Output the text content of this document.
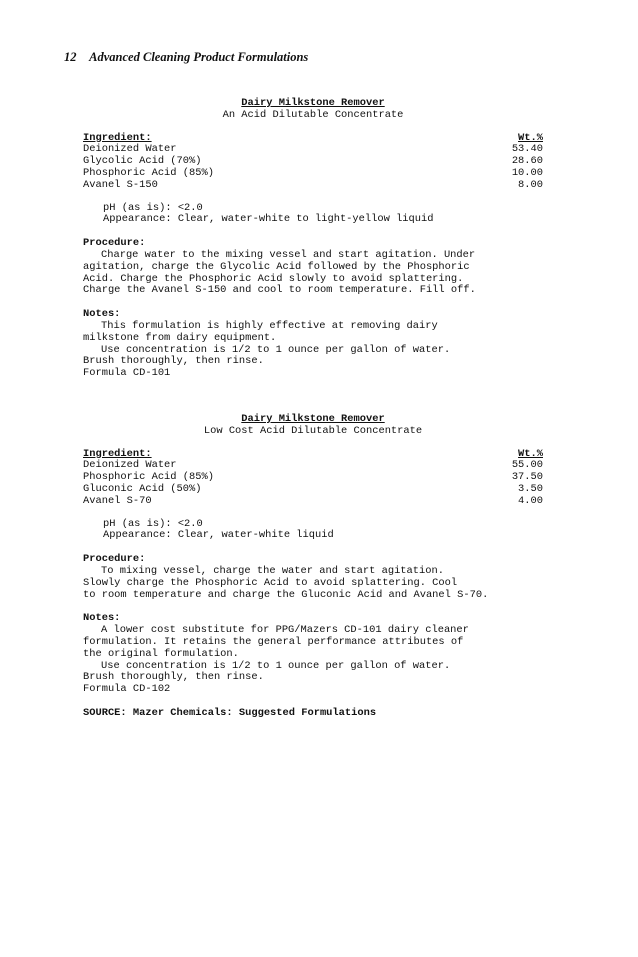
12 Advanced Cleaning Product Formulations
Dairy Milkstone Remover
An Acid Dilutable Concentrate
Ingredient:	Wt.%
Deionized Water	53.40
Glycolic Acid (70%)	28.60
Phosphoric Acid (85%)	10.00
Avanel S-150	8.00
pH (as is): <2.0
Appearance: Clear, water-white to light-yellow liquid
Procedure:

Charge water to the mixing vessel and start agitation. Under

agitation, charge the Glycolic Acid followed by the Phosphoric

Acid. Charge the Phosphoric Acid slowly to avoid splattering.

Charge the Avanel S-150 and cool to room temperature. Fill off.

Notes:

This formulation is highly effective at removing dairy

milkstone from dairy equipment.

Use concentration is 1/2 to 1 ounce per gallon of water.

Brush thoroughly, then rinse.

Formula CD-101

Dairy Milkstone Remover
Low Cost Acid Dilutable Concentrate
Ingredient:	Wt.%
Deionized Water	55.00
Phosphoric Acid (85%)	37.50
Gluconic Acid (50%)	3.50
Avanel S-70	4.00
pH (as is): <2.0
Appearance: Clear, water-white liquid
Procedure:

To mixing vessel, charge the water and start agitation.

Slowly charge the Phosphoric Acid to avoid splattering. Cool

to room temperature and charge the Gluconic Acid and Avanel S-70.

Notes:

A lower cost substitute for PPG/Mazers CD-101 dairy cleaner

formulation. It retains the general performance attributes of

the original formulation.

Use concentration is 1/2 to 1 ounce per gallon of water.

Brush thoroughly, then rinse.

Formula CD-102

SOURCE: Mazer Chemicals: Suggested Formulations
